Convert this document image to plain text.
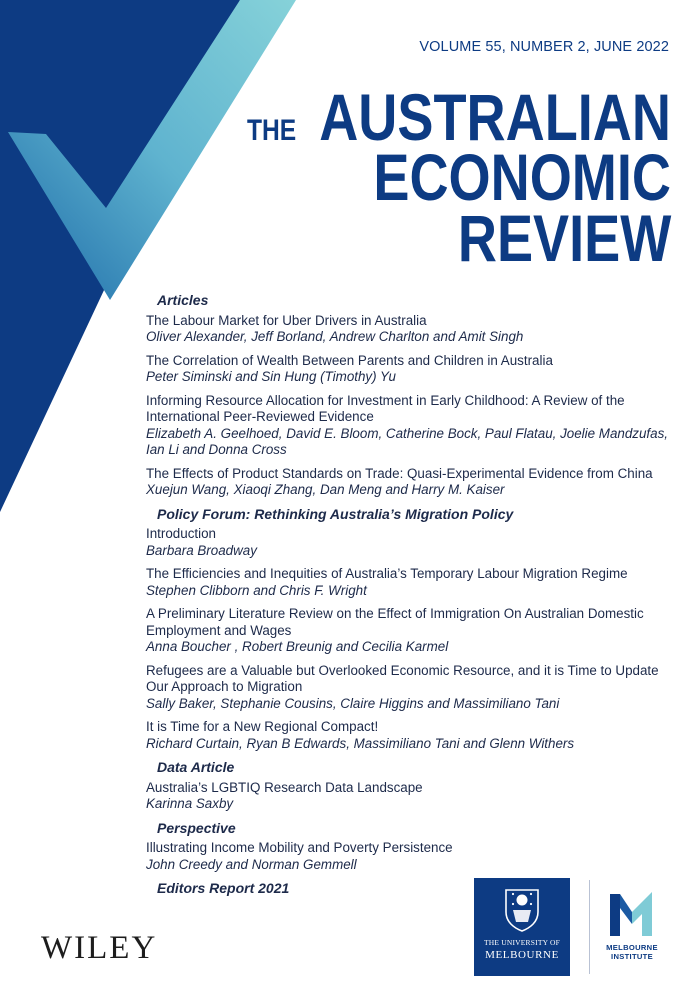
VOLUME 55, NUMBER 2, JUNE 2022
THE AUSTRALIAN
ECONOMIC
REVIEW
Articles
The Labour Market for Uber Drivers in Australia
Oliver Alexander, Jeff Borland, Andrew Charlton and Amit Singh
The Correlation of Wealth Between Parents and Children in Australia
Peter Siminski and Sin Hung (Timothy) Yu
Informing Resource Allocation for Investment in Early Childhood: A Review of the International Peer-Reviewed Evidence
Elizabeth A. Geelhoed, David E. Bloom, Catherine Bock, Paul Flatau, Joelie Mandzufas, Ian Li and Donna Cross
The Effects of Product Standards on Trade: Quasi-Experimental Evidence from China
Xuejun Wang, Xiaoqi Zhang, Dan Meng and Harry M. Kaiser
Policy Forum: Rethinking Australia’s Migration Policy
Introduction
Barbara Broadway
The Efficiencies and Inequities of Australia’s Temporary Labour Migration Regime
Stephen Clibborn and Chris F. Wright
A Preliminary Literature Review on the Effect of Immigration On Australian Domestic Employment and Wages
Anna Boucher , Robert Breunig and Cecilia Karmel
Refugees are a Valuable but Overlooked Economic Resource, and it is Time to Update Our Approach to Migration
Sally Baker, Stephanie Cousins, Claire Higgins and Massimiliano Tani
It is Time for a New Regional Compact!
Richard Curtain, Ryan B Edwards, Massimiliano Tani and Glenn Withers
Data Article
Australia’s LGBTIQ Research Data Landscape
Karinna Saxby
Perspective
Illustrating Income Mobility and Poverty Persistence
John Creedy and Norman Gemmell
Editors Report 2021
WILEY	THE UNIVERSITY OF
MELBOURNE
MELBOURNE
INSTITUTE
